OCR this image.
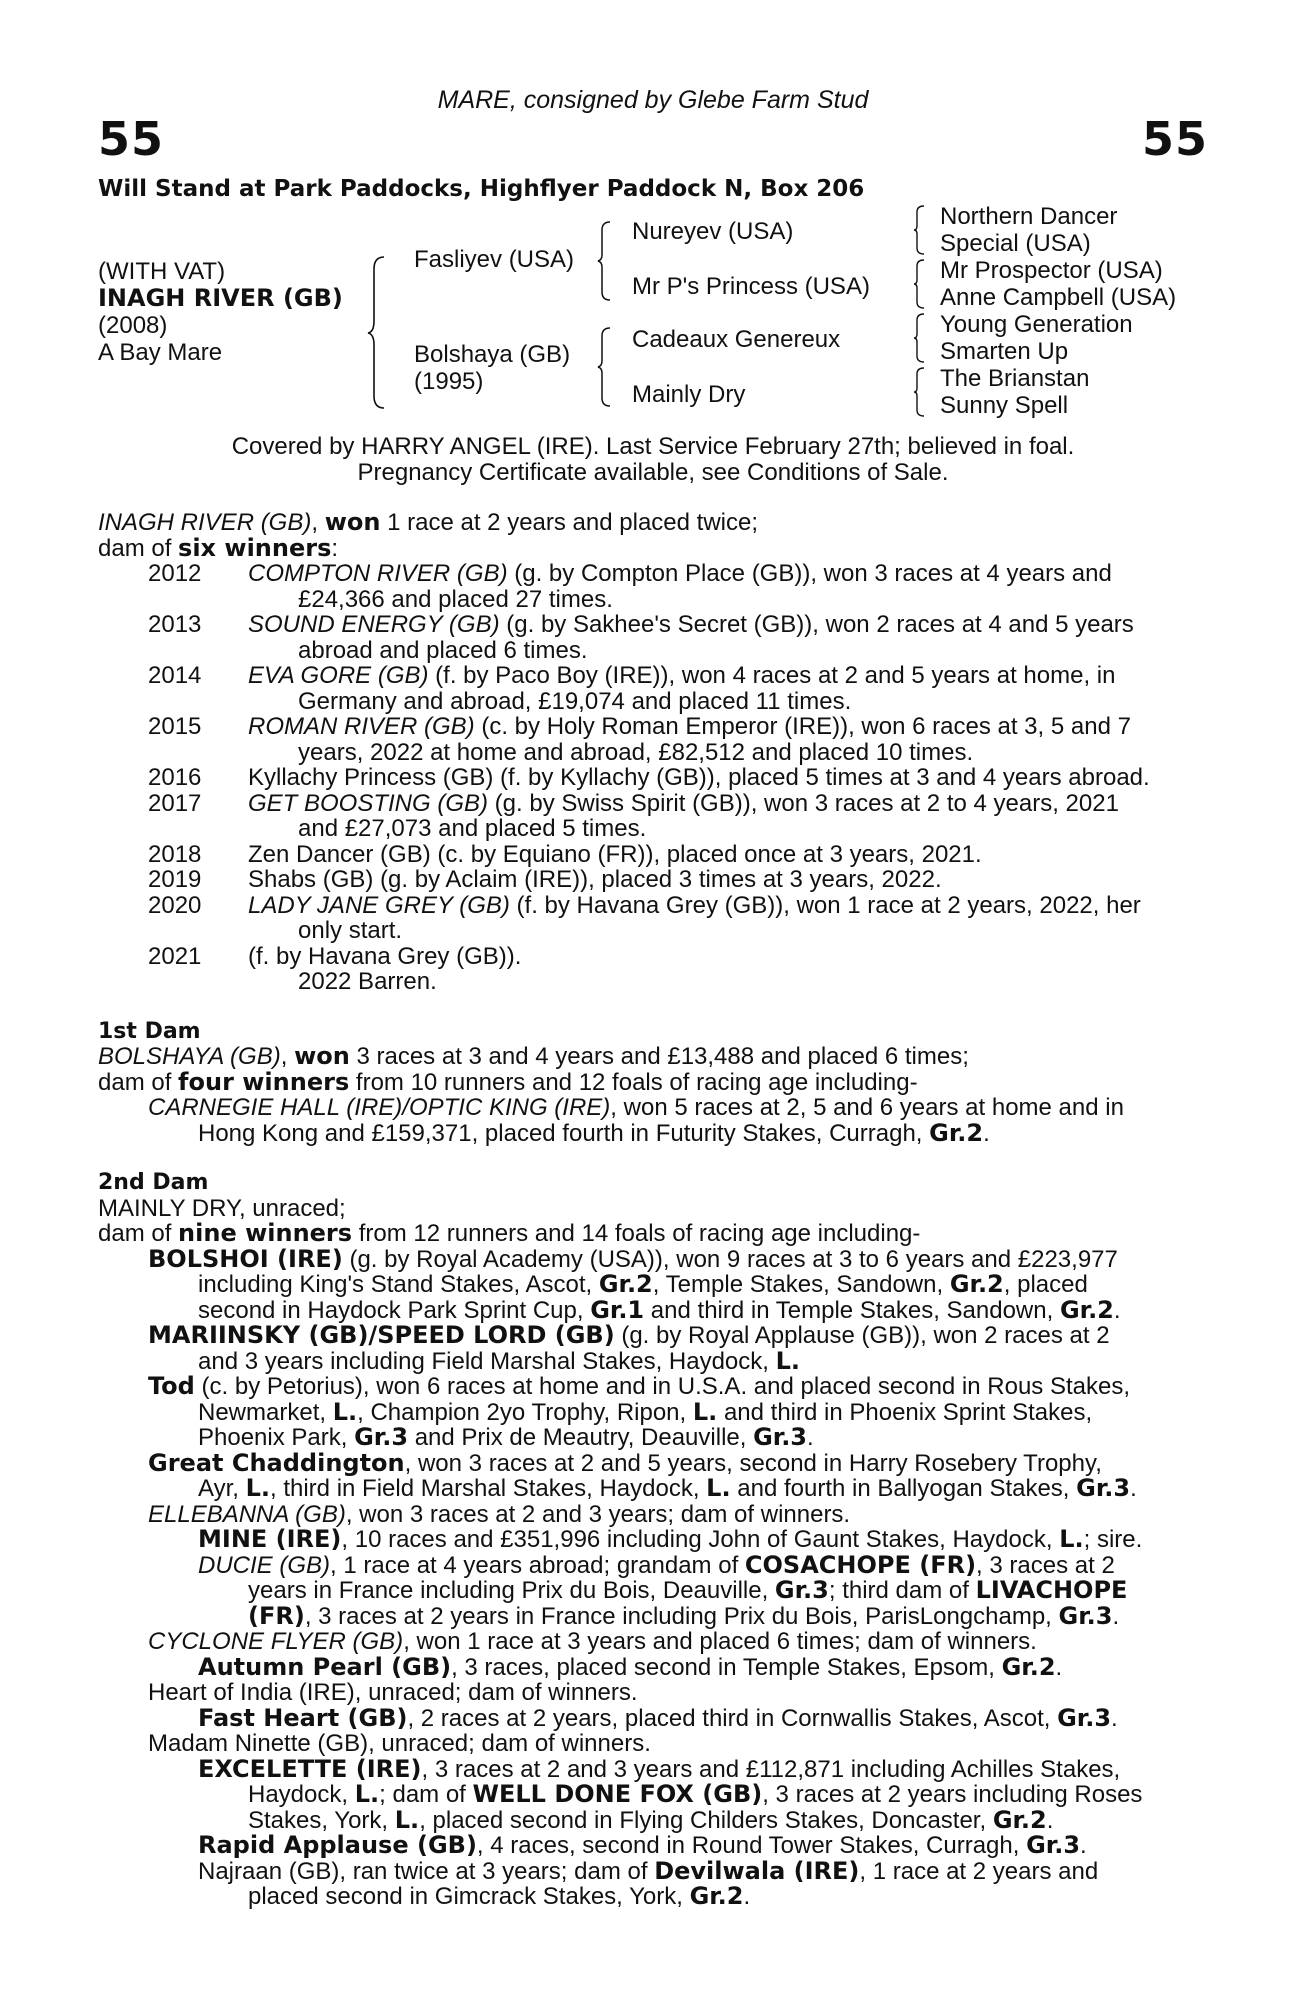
MARE, consigned by Glebe Farm Stud
55	55
Will Stand at Park Paddocks, Highflyer Paddock N, Box 206
(WITH VAT)
INAGH RIVER (GB)
(2008)
A Bay Mare
Fasliyev (USA)
Bolshaya (GB)
(1995)
Nureyev (USA)
Mr P's Princess (USA)
Cadeaux Genereux
Mainly Dry
Northern Dancer
Special (USA)
Mr Prospector (USA)
Anne Campbell (USA)
Young Generation
Smarten Up
The Brianstan
Sunny Spell
Covered by HARRY ANGEL (IRE). Last Service February 27th; believed in foal.
Pregnancy Certificate available, see Conditions of Sale.
INAGH RIVER (GB), won 1 race at 2 years and placed twice;
dam of six winners:
2012	COMPTON RIVER (GB) (g. by Compton Place (GB)), won 3 races at 4 years and
£24,366 and placed 27 times.
2013	SOUND ENERGY (GB) (g. by Sakhee's Secret (GB)), won 2 races at 4 and 5 years
abroad and placed 6 times.
2014	EVA GORE (GB) (f. by Paco Boy (IRE)), won 4 races at 2 and 5 years at home, in
Germany and abroad, £19,074 and placed 11 times.
2015	ROMAN RIVER (GB) (c. by Holy Roman Emperor (IRE)), won 6 races at 3, 5 and 7
years, 2022 at home and abroad, £82,512 and placed 10 times.
2016	Kyllachy Princess (GB) (f. by Kyllachy (GB)), placed 5 times at 3 and 4 years abroad.
2017	GET BOOSTING (GB) (g. by Swiss Spirit (GB)), won 3 races at 2 to 4 years, 2021
and £27,073 and placed 5 times.
2018	Zen Dancer (GB) (c. by Equiano (FR)), placed once at 3 years, 2021.
2019	Shabs (GB) (g. by Aclaim (IRE)), placed 3 times at 3 years, 2022.
2020	LADY JANE GREY (GB) (f. by Havana Grey (GB)), won 1 race at 2 years, 2022, her
only start.
2021	(f. by Havana Grey (GB)).
2022 Barren.
1st Dam
BOLSHAYA (GB), won 3 races at 3 and 4 years and £13,488 and placed 6 times;
dam of four winners from 10 runners and 12 foals of racing age including-
CARNEGIE HALL (IRE)/OPTIC KING (IRE), won 5 races at 2, 5 and 6 years at home and in
Hong Kong and £159,371, placed fourth in Futurity Stakes, Curragh, Gr.2.
2nd Dam
MAINLY DRY, unraced;
dam of nine winners from 12 runners and 14 foals of racing age including-
BOLSHOI (IRE) (g. by Royal Academy (USA)), won 9 races at 3 to 6 years and £223,977
including King's Stand Stakes, Ascot, Gr.2, Temple Stakes, Sandown, Gr.2, placed
second in Haydock Park Sprint Cup, Gr.1 and third in Temple Stakes, Sandown, Gr.2.
MARIINSKY (GB)/SPEED LORD (GB) (g. by Royal Applause (GB)), won 2 races at 2
and 3 years including Field Marshal Stakes, Haydock, L.
Tod (c. by Petorius), won 6 races at home and in U.S.A. and placed second in Rous Stakes,
Newmarket, L., Champion 2yo Trophy, Ripon, L. and third in Phoenix Sprint Stakes,
Phoenix Park, Gr.3 and Prix de Meautry, Deauville, Gr.3.
Great Chaddington, won 3 races at 2 and 5 years, second in Harry Rosebery Trophy,
Ayr, L., third in Field Marshal Stakes, Haydock, L. and fourth in Ballyogan Stakes, Gr.3.
ELLEBANNA (GB), won 3 races at 2 and 3 years; dam of winners.
MINE (IRE), 10 races and £351,996 including John of Gaunt Stakes, Haydock, L.; sire.
DUCIE (GB), 1 race at 4 years abroad; grandam of COSACHOPE (FR), 3 races at 2
years in France including Prix du Bois, Deauville, Gr.3; third dam of LIVACHOPE
(FR), 3 races at 2 years in France including Prix du Bois, ParisLongchamp, Gr.3.
CYCLONE FLYER (GB), won 1 race at 3 years and placed 6 times; dam of winners.
Autumn Pearl (GB), 3 races, placed second in Temple Stakes, Epsom, Gr.2.
Heart of India (IRE), unraced; dam of winners.
Fast Heart (GB), 2 races at 2 years, placed third in Cornwallis Stakes, Ascot, Gr.3.
Madam Ninette (GB), unraced; dam of winners.
EXCELETTE (IRE), 3 races at 2 and 3 years and £112,871 including Achilles Stakes,
Haydock, L.; dam of WELL DONE FOX (GB), 3 races at 2 years including Roses
Stakes, York, L., placed second in Flying Childers Stakes, Doncaster, Gr.2.
Rapid Applause (GB), 4 races, second in Round Tower Stakes, Curragh, Gr.3.
Najraan (GB), ran twice at 3 years; dam of Devilwala (IRE), 1 race at 2 years and
placed second in Gimcrack Stakes, York, Gr.2.
